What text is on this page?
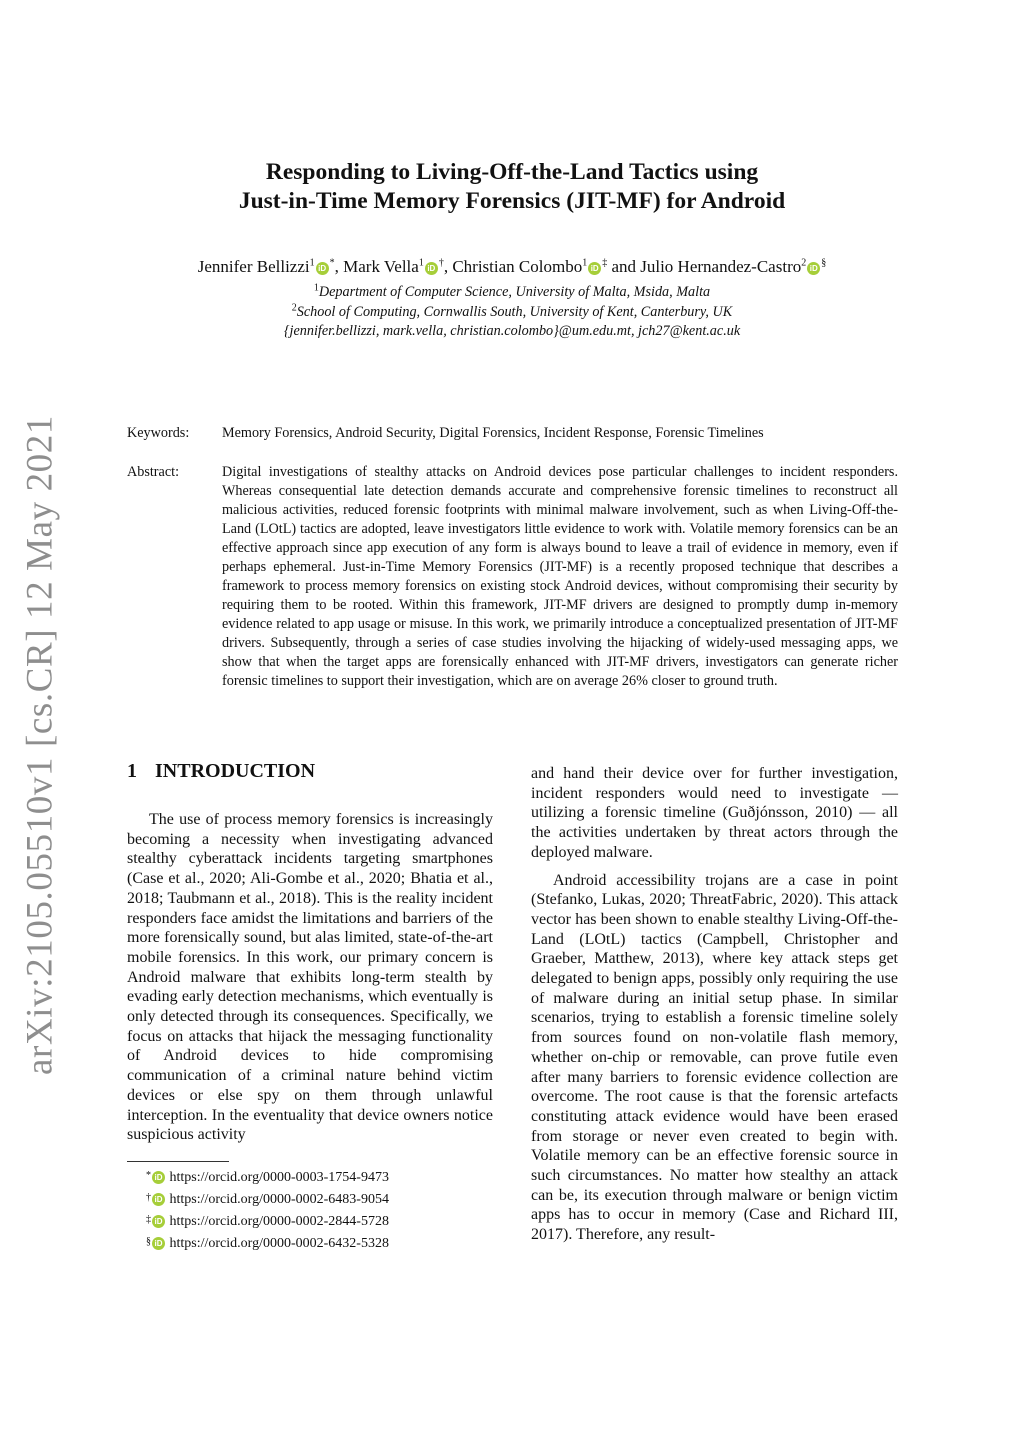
arXiv:2105.05510v1 [cs.CR] 12 May 2021
Responding to Living-Off-the-Land Tactics using
Just-in-Time Memory Forensics (JIT-MF) for Android
Jennifer Bellizzi$^1$iD*, Mark Vella$^1$iD†, Christian Colombo$^1$iD‡ and Julio Hernandez-Castro$^2$iD§
$^1$Department of Computer Science, University of Malta, Msida, Malta
$^2$School of Computing, Cornwallis South, University of Kent, Canterbury, UK
{jennifer.bellizzi, mark.vella, christian.colombo}@um.edu.mt, jch27@kent.ac.uk
Keywords: Memory Forensics, Android Security, Digital Forensics, Incident Response, Forensic Timelines
Abstract:	Digital investigations of stealthy attacks on Android devices pose particular challenges to incident responders. Whereas consequential late detection demands accurate and comprehensive forensic timelines to reconstruct all malicious activities, reduced forensic footprints with minimal malware involvement, such as when Living-Off-the-Land (LOtL) tactics are adopted, leave investigators little evidence to work with. Volatile memory forensics can be an effective approach since app execution of any form is always bound to leave a trail of evidence in memory, even if perhaps ephemeral. Just-in-Time Memory Forensics (JIT-MF) is a recently proposed technique that describes a framework to process memory forensics on existing stock Android devices, without compromising their security by requiring them to be rooted. Within this framework, JIT-MF drivers are designed to promptly dump in-memory evidence related to app usage or misuse. In this work, we primarily introduce a conceptualized presentation of JIT-MF drivers. Subsequently, through a series of case studies involving the hijacking of widely-used messaging apps, we show that when the target apps are forensically enhanced with JIT-MF drivers, investigators can generate richer forensic timelines to support their investigation, which are on average 26% closer to ground truth.
1 INTRODUCTION

The use of process memory forensics is increasingly becoming a necessity when investigating advanced stealthy cyberattack incidents targeting smartphones (Case et al., 2020; Ali-Gombe et al., 2020; Bhatia et al., 2018; Taubmann et al., 2018). This is the reality incident responders face amidst the limitations and barriers of the more forensically sound, but alas limited, state-of-the-art mobile forensics. In this work, our primary concern is Android malware that exhibits long-term stealth by evading early detection mechanisms, which eventually is only detected through its consequences. Specifically, we focus on attacks that hijack the messaging functionality of Android devices to hide compromising communication of a criminal nature behind victim devices or else spy on them through unlawful interception. In the eventuality that device owners notice suspicious activity

and hand their device over for further investigation, incident responders would need to investigate — utilizing a forensic timeline (Guðjónsson, 2010) — all the activities undertaken by threat actors through the deployed malware.

Android accessibility trojans are a case in point (Stefanko, Lukas, 2020; ThreatFabric, 2020). This attack vector has been shown to enable stealthy Living-Off-the-Land (LOtL) tactics (Campbell, Christopher and Graeber, Matthew, 2013), where key attack steps get delegated to benign apps, possibly only requiring the use of malware during an initial setup phase. In similar scenarios, trying to establish a forensic timeline solely from sources found on non-volatile flash memory, whether on-chip or removable, can prove futile even after many barriers to forensic evidence collection are overcome. The root cause is that the forensic artefacts constituting attack evidence would have been erased from storage or never even created to begin with. Volatile memory can be an effective forensic source in such circumstances. No matter how stealthy an attack can be, its execution through malware or benign victim apps has to occur in memory (Case and Richard III, 2017). Therefore, any result-

* iD https://orcid.org/0000-0003-1754-9473
† iD https://orcid.org/0000-0002-6483-9054
‡ iD https://orcid.org/0000-0002-2844-5728
§ iD https://orcid.org/0000-0002-6432-5328
